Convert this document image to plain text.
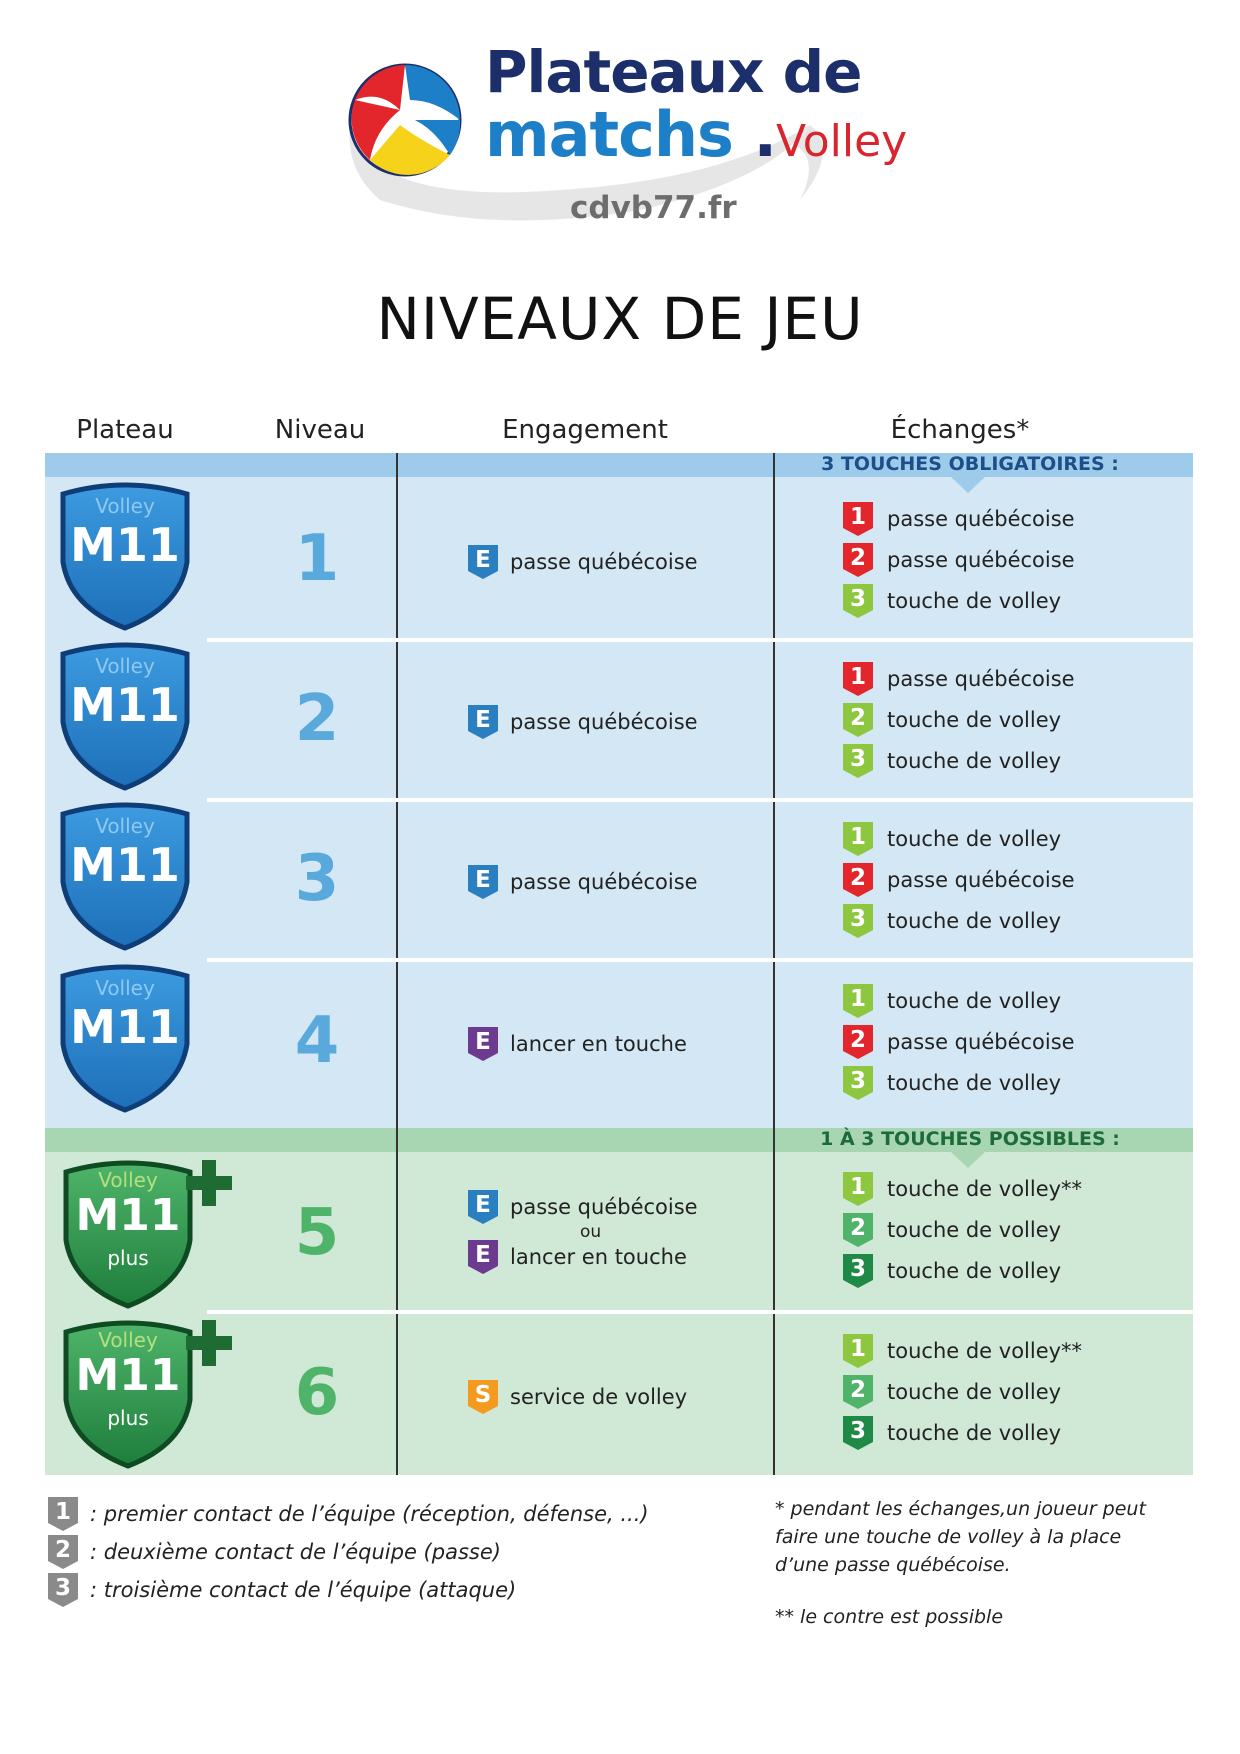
Plateaux de
matchs .Volley
cdvb77.fr
NIVEAUX DE JEU
Plateau	Niveau	Engagement	Échanges*
3 TOUCHES OBLIGATOIRES :
1 À 3 TOUCHES POSSIBLES :
Volley
M11	1	E passe québécoise
1	passe québécoise
2	passe québécoise
3	touche de volley
Volley
M11	2	E passe québécoise
1	passe québécoise
2	touche de volley
3	touche de volley
Volley
M11	3	E passe québécoise
1	touche de volley
2	passe québécoise
3	touche de volley
Volley
M11	4	E lancer en touche
1	touche de volley
2	passe québécoise
3	touche de volley
Volley
M11
plus	5	E passe québécoise
ou
E lancer en touche
1	touche de volley**
2	touche de volley
3	touche de volley
Volley
M11
plus	6	S service de volley
1	touche de volley**
2	touche de volley
3	touche de volley
1 : premier contact de l’équipe (réception, défense, ...)
2 : deuxième contact de l’équipe (passe)
3 : troisième contact de l’équipe (attaque)
* pendant les échanges,un joueur peut
faire une touche de volley à la place
d’une passe québécoise.
** le contre est possible
